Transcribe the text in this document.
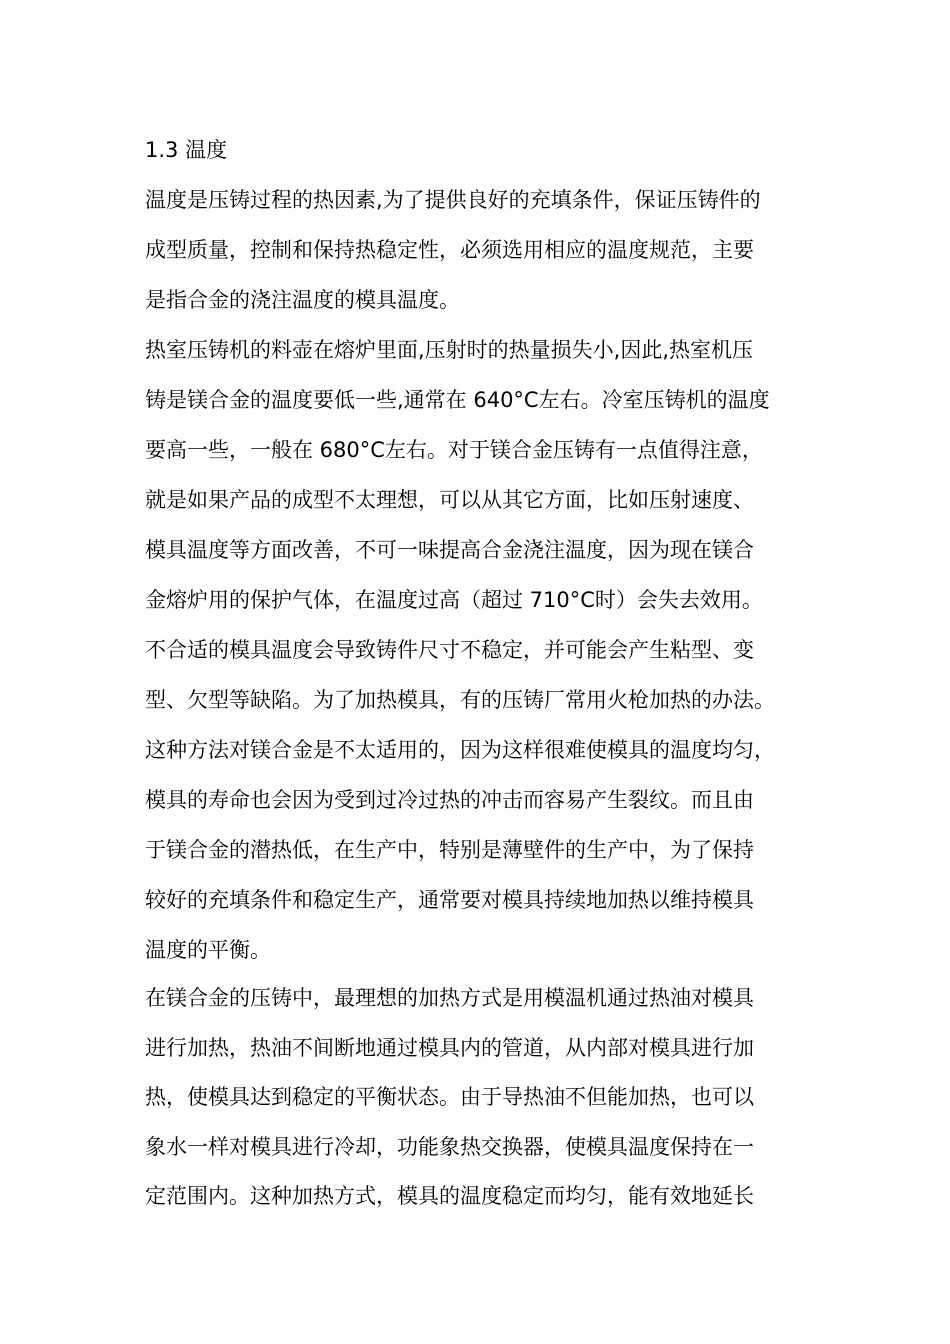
1.3 温度
温度是压铸过程的热因素,为了提供良好的充填条件，保证压铸件的
成型质量，控制和保持热稳定性，必须选用相应的温度规范，主要
是指合金的浇注温度的模具温度。
热室压铸机的料壶在熔炉里面,压射时的热量损失小,因此,热室机压
铸是镁合金的温度要低一些,通常在 640°C左右。冷室压铸机的温度
要高一些，一般在 680°C左右。对于镁合金压铸有一点值得注意，
就是如果产品的成型不太理想，可以从其它方面，比如压射速度、
模具温度等方面改善，不可一味提高合金浇注温度，因为现在镁合
金熔炉用的保护气体，在温度过高（超过 710°C时）会失去效用。
不合适的模具温度会导致铸件尺寸不稳定，并可能会产生粘型、变
型、欠型等缺陷。为了加热模具，有的压铸厂常用火枪加热的办法。
这种方法对镁合金是不太适用的，因为这样很难使模具的温度均匀，
模具的寿命也会因为受到过冷过热的冲击而容易产生裂纹。而且由
于镁合金的潜热低，在生产中，特别是薄壁件的生产中，为了保持
较好的充填条件和稳定生产，通常要对模具持续地加热以维持模具
温度的平衡。
在镁合金的压铸中，最理想的加热方式是用模温机通过热油对模具
进行加热，热油不间断地通过模具内的管道，从内部对模具进行加
热，使模具达到稳定的平衡状态。由于导热油不但能加热，也可以
象水一样对模具进行冷却，功能象热交换器，使模具温度保持在一
定范围内。这种加热方式，模具的温度稳定而均匀，能有效地延长
